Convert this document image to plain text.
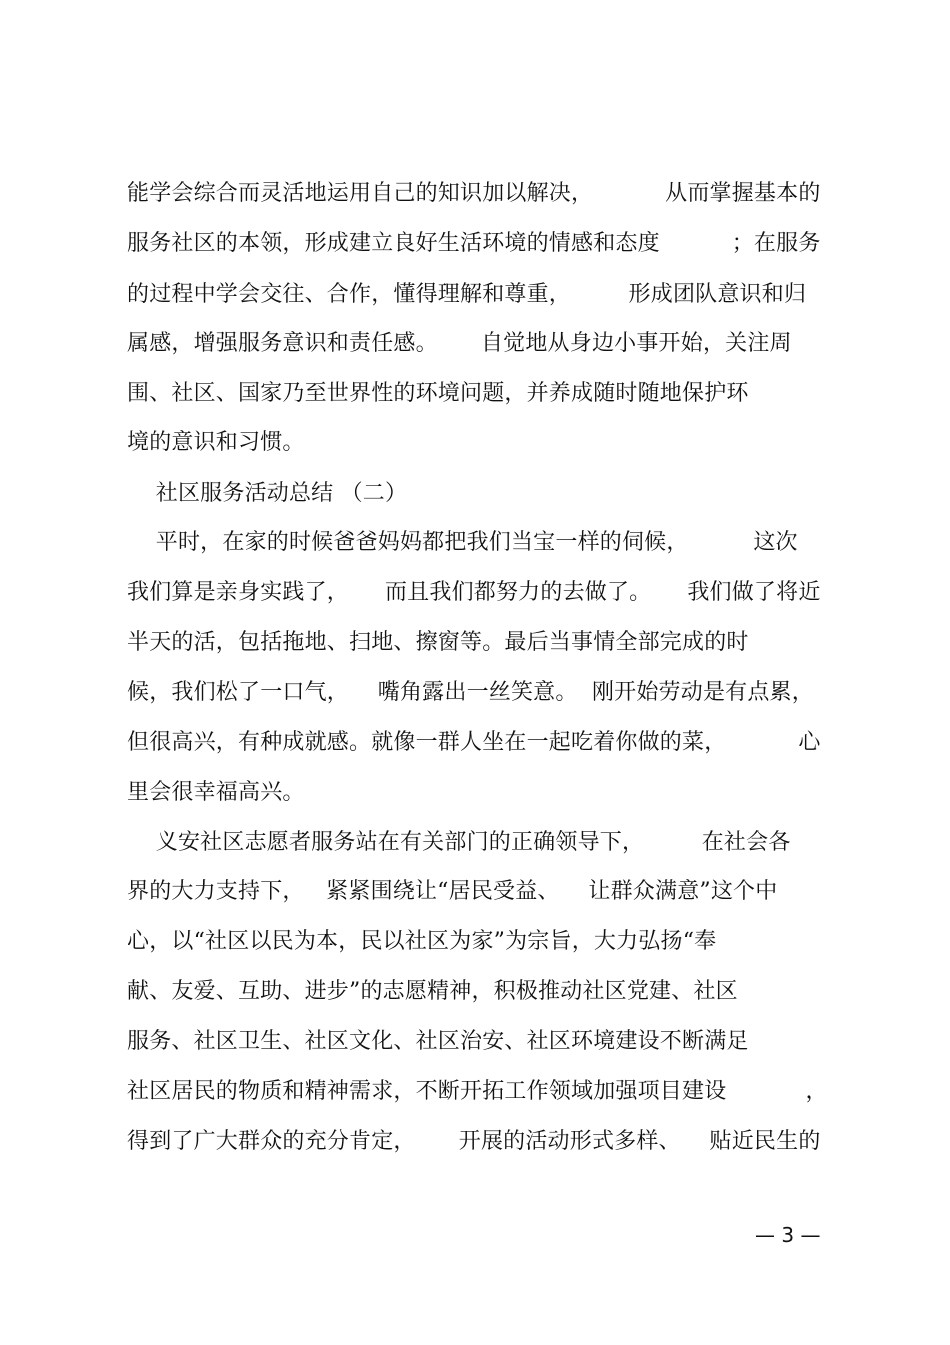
能学会综合而灵活地运用自己的知识加以解决，          从而掌握基本的
服务社区的本领，形成建立良好生活环境的情感和态度          ；在服务
的过程中学会交往、合作，懂得理解和尊重，        形成团队意识和归
属感，增强服务意识和责任感。      自觉地从身边小事开始，关注周
围、社区、国家乃至世界性的环境问题，并养成随时随地保护环
境的意识和习惯。
社区服务活动总结 （二）
平时，在家的时候爸爸妈妈都把我们当宝一样的伺候，         这次
我们算是亲身实践了，     而且我们都努力的去做了。     我们做了将近
半天的活，包括拖地、扫地、擦窗等。最后当事情全部完成的时
候，我们松了一口气，    嘴角露出一丝笑意。  刚开始劳动是有点累，
但很高兴，有种成就感。就像一群人坐在一起吃着你做的菜，          心
里会很幸福高兴。
义安社区志愿者服务站在有关部门的正确领导下，        在社会各
界的大力支持下，   紧紧围绕让“居民受益、    让群众满意”这个中
心，以“社区以民为本，民以社区为家”为宗旨，大力弘扬“奉
献、友爱、互助、进步”的志愿精神，积极推动社区党建、社区
服务、社区卫生、社区文化、社区治安、社区环境建设不断满足
社区居民的物质和精神需求，不断开拓工作领域加强项目建设           ，
得到了广大群众的充分肯定，      开展的活动形式多样、    贴近民生的
— 3 —
